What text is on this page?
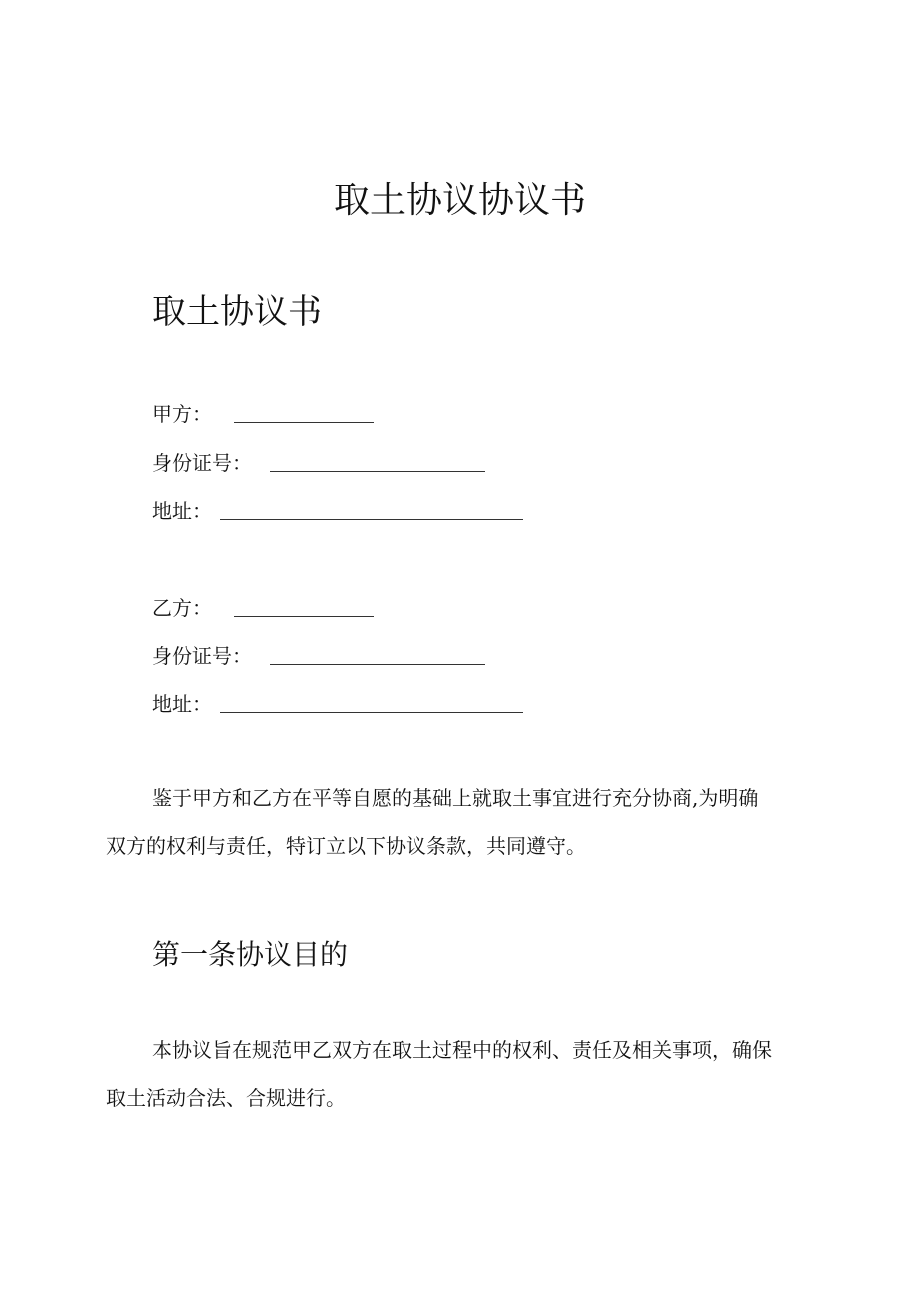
取土协议协议书
取土协议书
甲方：
身份证号：
地址：
乙方：
身份证号：
地址：
鉴于甲方和乙方在平等自愿的基础上就取土事宜进行充分协商,为明确
双方的权利与责任，特订立以下协议条款，共同遵守。
第一条协议目的
本协议旨在规范甲乙双方在取土过程中的权利、责任及相关事项，确保
取土活动合法、合规进行。
